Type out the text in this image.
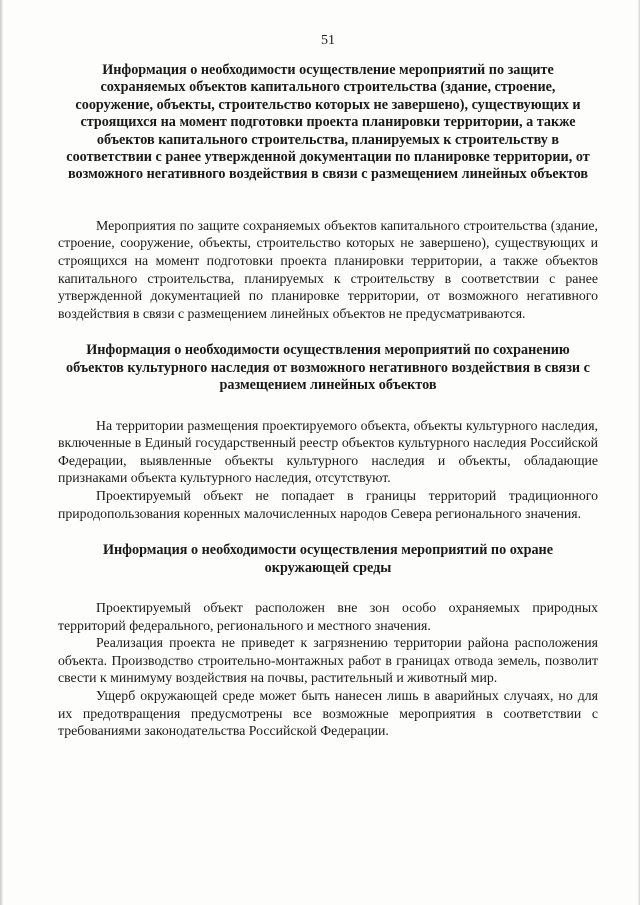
51
Информация о необходимости осуществление мероприятий по защите сохраняемых объектов капитального строительства (здание, строение, сооружение, объекты, строительство которых не завершено), существующих и строящихся на момент подготовки проекта планировки территории, а также объектов капитального строительства, планируемых к строительству в соответствии с ранее утвержденной документации по планировке территории, от возможного негативного воздействия в связи с размещением линейных объектов

Мероприятия по защите сохраняемых объектов капитального строительства (здание, строение, сооружение, объекты, строительство которых не завершено), существующих и строящихся на момент подготовки проекта планировки территории, а также объектов капитального строительства, планируемых к строительству в соответствии с ранее утвержденной документацией по планировке территории, от возможного негативного воздействия в связи с размещением линейных объектов не предусматриваются.

Информация о необходимости осуществления мероприятий по сохранению объектов культурного наследия от возможного негативного воздействия в связи с размещением линейных объектов

На территории размещения проектируемого объекта, объекты культурного наследия, включенные в Единый государственный реестр объектов культурного наследия Российской Федерации, выявленные объекты культурного наследия и объекты, обладающие признаками объекта культурного наследия, отсутствуют.

Проектируемый объект не попадает в границы территорий традиционного природопользования коренных малочисленных народов Севера регионального значения.

Информация о необходимости осуществления мероприятий по охране окружающей среды

Проектируемый объект расположен вне зон особо охраняемых природных территорий федерального, регионального и местного значения.

Реализация проекта не приведет к загрязнению территории района расположения объекта. Производство строительно-монтажных работ в границах отвода земель, позволит свести к минимуму воздействия на почвы, растительный и животный мир.

Ущерб окружающей среде может быть нанесен лишь в аварийных случаях, но для их предотвращения предусмотрены все возможные мероприятия в соответствии с требованиями законодательства Российской Федерации.
